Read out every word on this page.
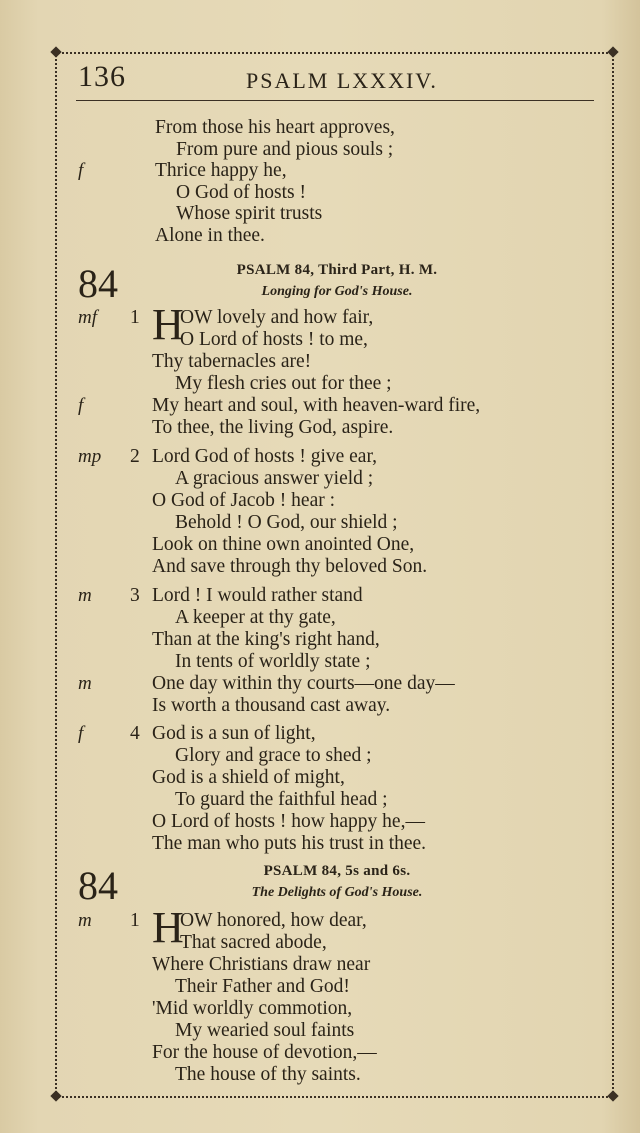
136	PSALM LXXXIV.
From those his heart approves,
From pure and pious souls ;
f	Thrice happy he,
O God of hosts !
Whose spirit trusts
Alone in thee.
84	PSALM 84, Third Part, H. M.
Longing for God's House.
mf 1 H
OW lovely and how fair,
O Lord of hosts ! to me,
Thy tabernacles are!
My flesh cries out for thee ;
f	My heart and soul, with heaven-ward fire,
To thee, the living God, aspire.
mp 2 Lord God of hosts ! give ear,
A gracious answer yield ;
O God of Jacob ! hear :
Behold ! O God, our shield ;
Look on thine own anointed One,
And save through thy beloved Son.
m 3 Lord ! I would rather stand
A keeper at thy gate,
Than at the king's right hand,
In tents of worldly state ;
m	One day within thy courts—one day—
Is worth a thousand cast away.
f 4 God is a sun of light,
Glory and grace to shed ;
God is a shield of might,
To guard the faithful head ;
O Lord of hosts ! how happy he,—
The man who puts his trust in thee.
84	PSALM 84, 5s and 6s.
The Delights of God's House.
m 1 H
OW honored, how dear,
That sacred abode,
Where Christians draw near
Their Father and God!
'Mid worldly commotion,
My wearied soul faints
For the house of devotion,—
The house of thy saints.
